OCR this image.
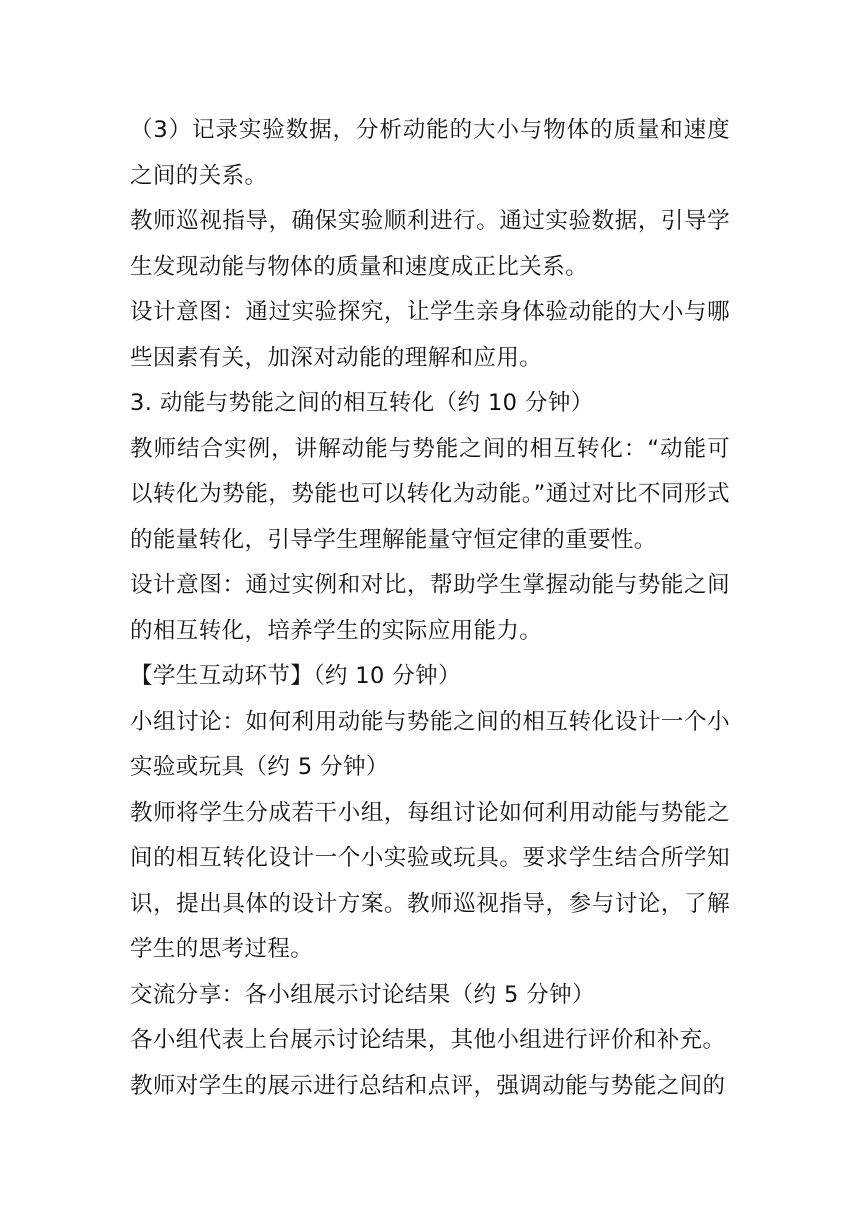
（3）记录实验数据，分析动能的大小与物体的质量和速度之间的关系。

教师巡视指导，确保实验顺利进行。通过实验数据，引导学生发现动能与物体的质量和速度成正比关系。

设计意图：通过实验探究，让学生亲身体验动能的大小与哪些因素有关，加深对动能的理解和应用。

3. 动能与势能之间的相互转化（约 10 分钟）

教师结合实例，讲解动能与势能之间的相互转化：“动能可以转化为势能，势能也可以转化为动能。”通过对比不同形式的能量转化，引导学生理解能量守恒定律的重要性。

设计意图：通过实例和对比，帮助学生掌握动能与势能之间的相互转化，培养学生的实际应用能力。

【学生互动环节】（约 10 分钟）

小组讨论：如何利用动能与势能之间的相互转化设计一个小实验或玩具（约 5 分钟）

教师将学生分成若干小组，每组讨论如何利用动能与势能之间的相互转化设计一个小实验或玩具。要求学生结合所学知识，提出具体的设计方案。教师巡视指导，参与讨论，了解学生的思考过程。

交流分享：各小组展示讨论结果（约 5 分钟）

各小组代表上台展示讨论结果，其他小组进行评价和补充。

教师对学生的展示进行总结和点评，强调动能与势能之间的
